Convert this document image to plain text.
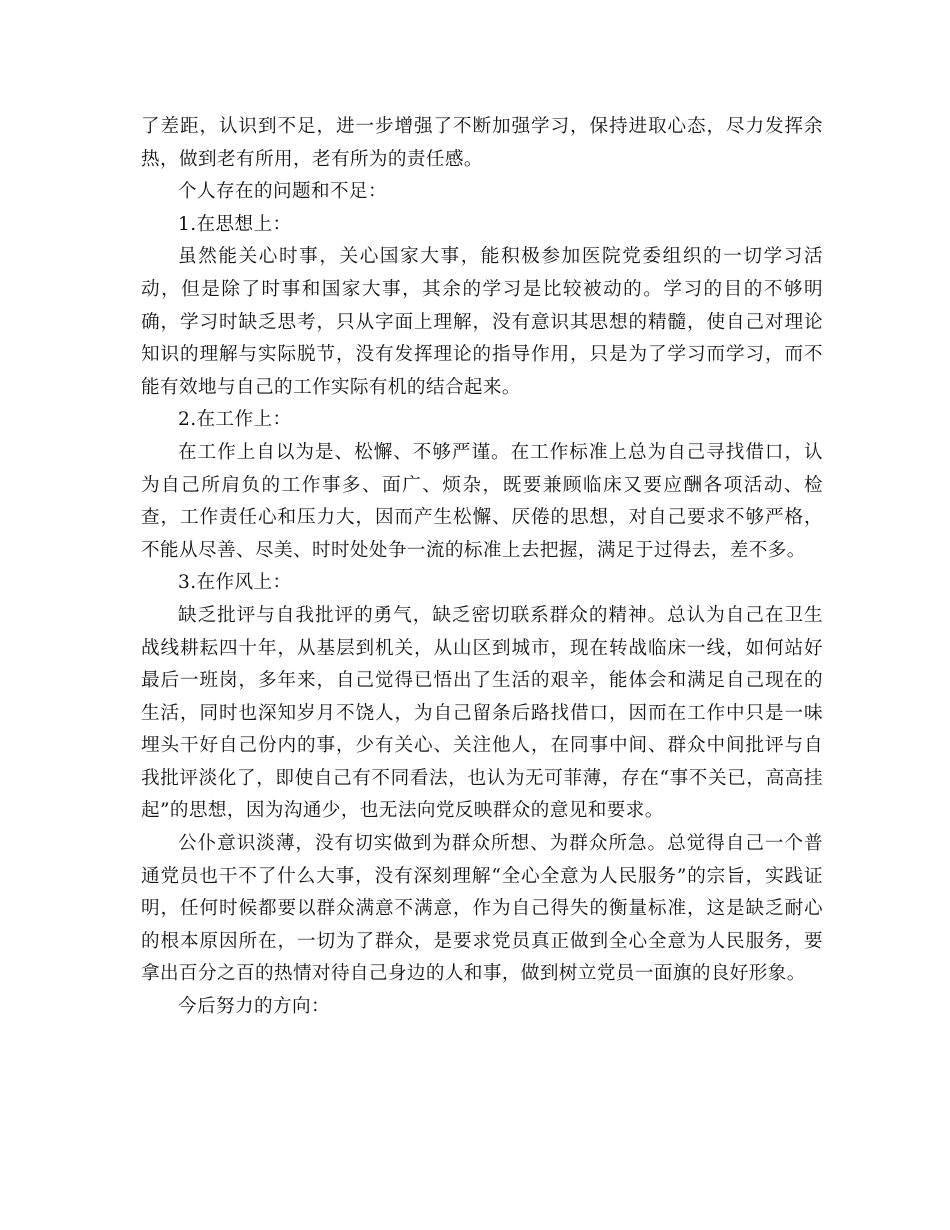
了差距，认识到不足，进一步增强了不断加强学习，保持进取心态，尽力发挥余热，做到老有所用，老有所为的责任感。

个人存在的问题和不足：

1.在思想上：

虽然能关心时事，关心国家大事，能积极参加医院党委组织的一切学习活动，但是除了时事和国家大事，其余的学习是比较被动的。学习的目的不够明确，学习时缺乏思考，只从字面上理解，没有意识其思想的精髓，使自己对理论知识的理解与实际脱节，没有发挥理论的指导作用，只是为了学习而学习，而不能有效地与自己的工作实际有机的结合起来。

2.在工作上：

在工作上自以为是、松懈、不够严谨。在工作标准上总为自己寻找借口，认为自己所肩负的工作事多、面广、烦杂，既要兼顾临床又要应酬各项活动、检查，工作责任心和压力大，因而产生松懈、厌倦的思想，对自己要求不够严格，不能从尽善、尽美、时时处处争一流的标准上去把握，满足于过得去，差不多。

3.在作风上：

缺乏批评与自我批评的勇气，缺乏密切联系群众的精神。总认为自己在卫生战线耕耘四十年，从基层到机关，从山区到城市，现在转战临床一线，如何站好最后一班岗，多年来，自己觉得已悟出了生活的艰辛，能体会和满足自己现在的生活，同时也深知岁月不饶人，为自己留条后路找借口，因而在工作中只是一味埋头干好自己份内的事，少有关心、关注他人，在同事中间、群众中间批评与自我批评淡化了，即使自己有不同看法，也认为无可菲薄，存在“事不关已，高高挂起”的思想，因为沟通少，也无法向党反映群众的意见和要求。

公仆意识淡薄，没有切实做到为群众所想、为群众所急。总觉得自己一个普通党员也干不了什么大事，没有深刻理解“全心全意为人民服务”的宗旨，实践证明，任何时候都要以群众满意不满意，作为自己得失的衡量标准，这是缺乏耐心的根本原因所在，一切为了群众，是要求党员真正做到全心全意为人民服务，要拿出百分之百的热情对待自己身边的人和事，做到树立党员一面旗的良好形象。

今后努力的方向：
